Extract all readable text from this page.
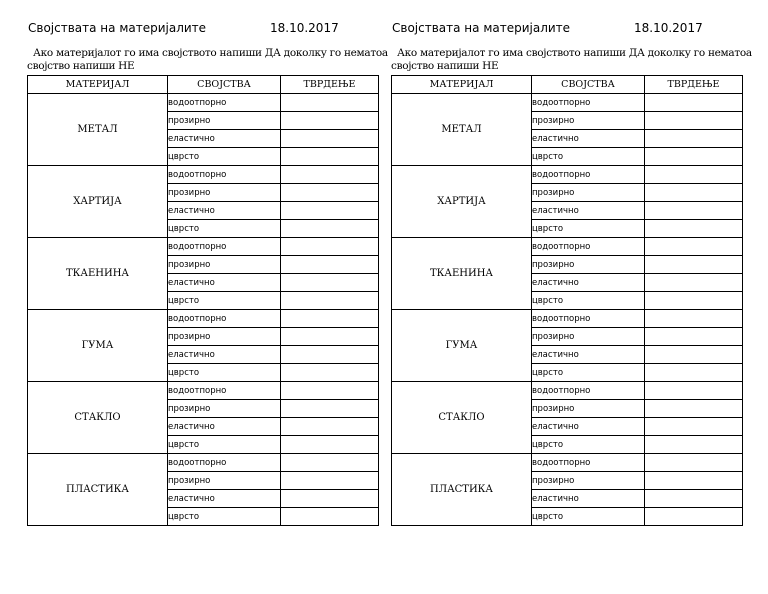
Својствата на материјалите	18.10.2017
Ако материјалот го има својството напиши ДА доколку го нематоа
својство напиши НЕ
МАТЕРИЈАЛ	СВОЈСТВА	ТВРДЕЊЕ
МЕТАЛ	водоотпорно	
	прозирно	
	еластично	
	цврсто	
ХАРТИЈА	водоотпорно	
	прозирно	
	еластично	
	цврсто	
ТКАЕНИНА	водоотпорно	
	прозирно	
	еластично	
	цврсто	
ГУМА	водоотпорно	
	прозирно	
	еластично	
	цврсто	
СТАКЛО	водоотпорно	
	прозирно	
	еластично	
	цврсто	
ПЛАСТИКА	водоотпорно	
	прозирно	
	еластично	
	цврсто	
Својствата на материјалите	18.10.2017
Ако материјалот го има својството напиши ДА доколку го нематоа
својство напиши НЕ
МАТЕРИЈАЛ	СВОЈСТВА	ТВРДЕЊЕ
МЕТАЛ	водоотпорно	
	прозирно	
	еластично	
	цврсто	
ХАРТИЈА	водоотпорно	
	прозирно	
	еластично	
	цврсто	
ТКАЕНИНА	водоотпорно	
	прозирно	
	еластично	
	цврсто	
ГУМА	водоотпорно	
	прозирно	
	еластично	
	цврсто	
СТАКЛО	водоотпорно	
	прозирно	
	еластично	
	цврсто	
ПЛАСТИКА	водоотпорно	
	прозирно	
	еластично	
	цврсто	
